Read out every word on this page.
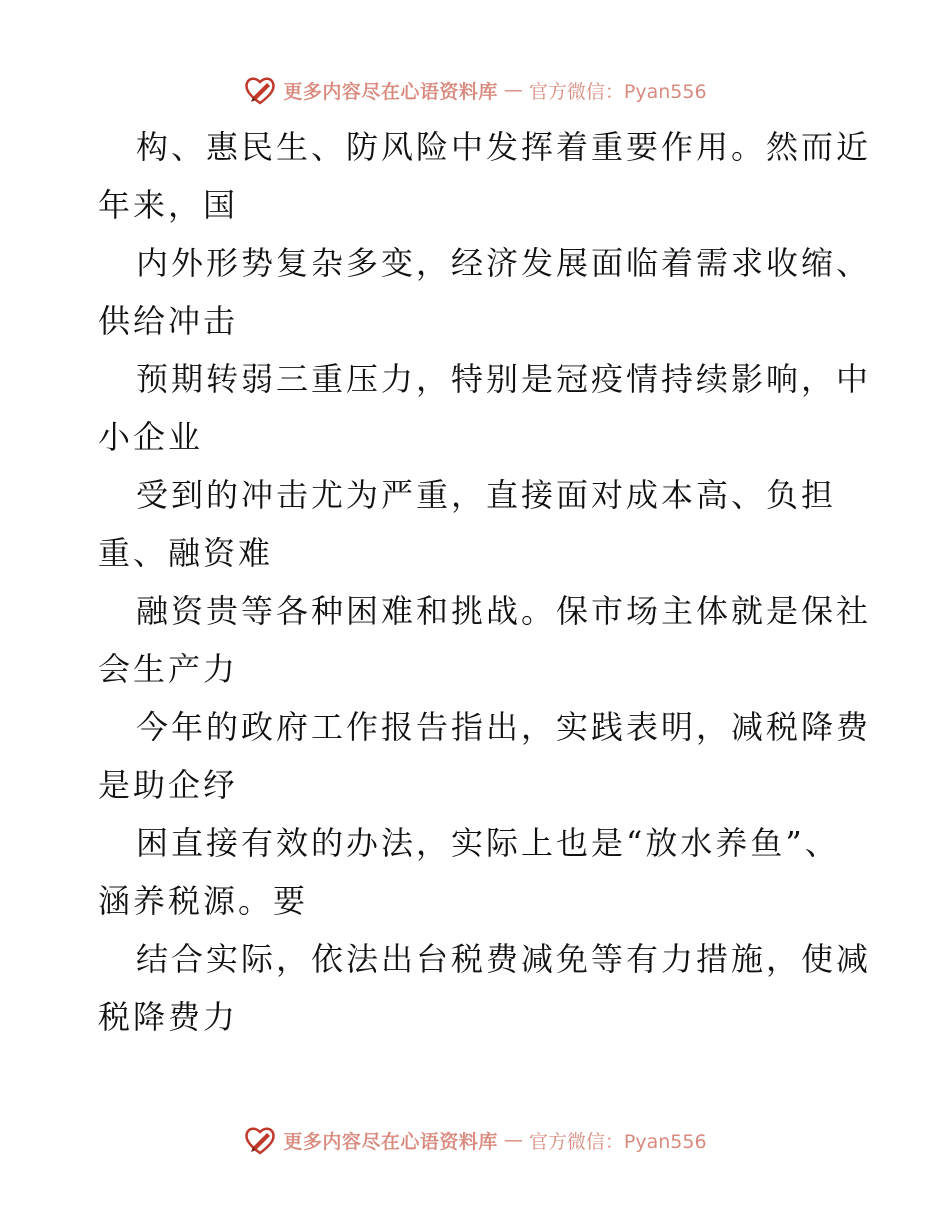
更多内容尽在心语资料库 — 官方微信：Pyan556
构、惠民生、防风险中发挥着重要作用。然而近
年来，国
内外形势复杂多变，经济发展面临着需求收缩、
供给冲击
预期转弱三重压力，特别是冠疫情持续影响，中
小企业
受到的冲击尤为严重，直接面对成本高、负担
重、融资难
融资贵等各种困难和挑战。保市场主体就是保社
会生产力
今年的政府工作报告指出，实践表明，减税降费
是助企纾
困直接有效的办法，实际上也是“放水养鱼”、
涵养税源。要
结合实际，依法出台税费减免等有力措施，使减
税降费力
更多内容尽在心语资料库 — 官方微信：Pyan556
